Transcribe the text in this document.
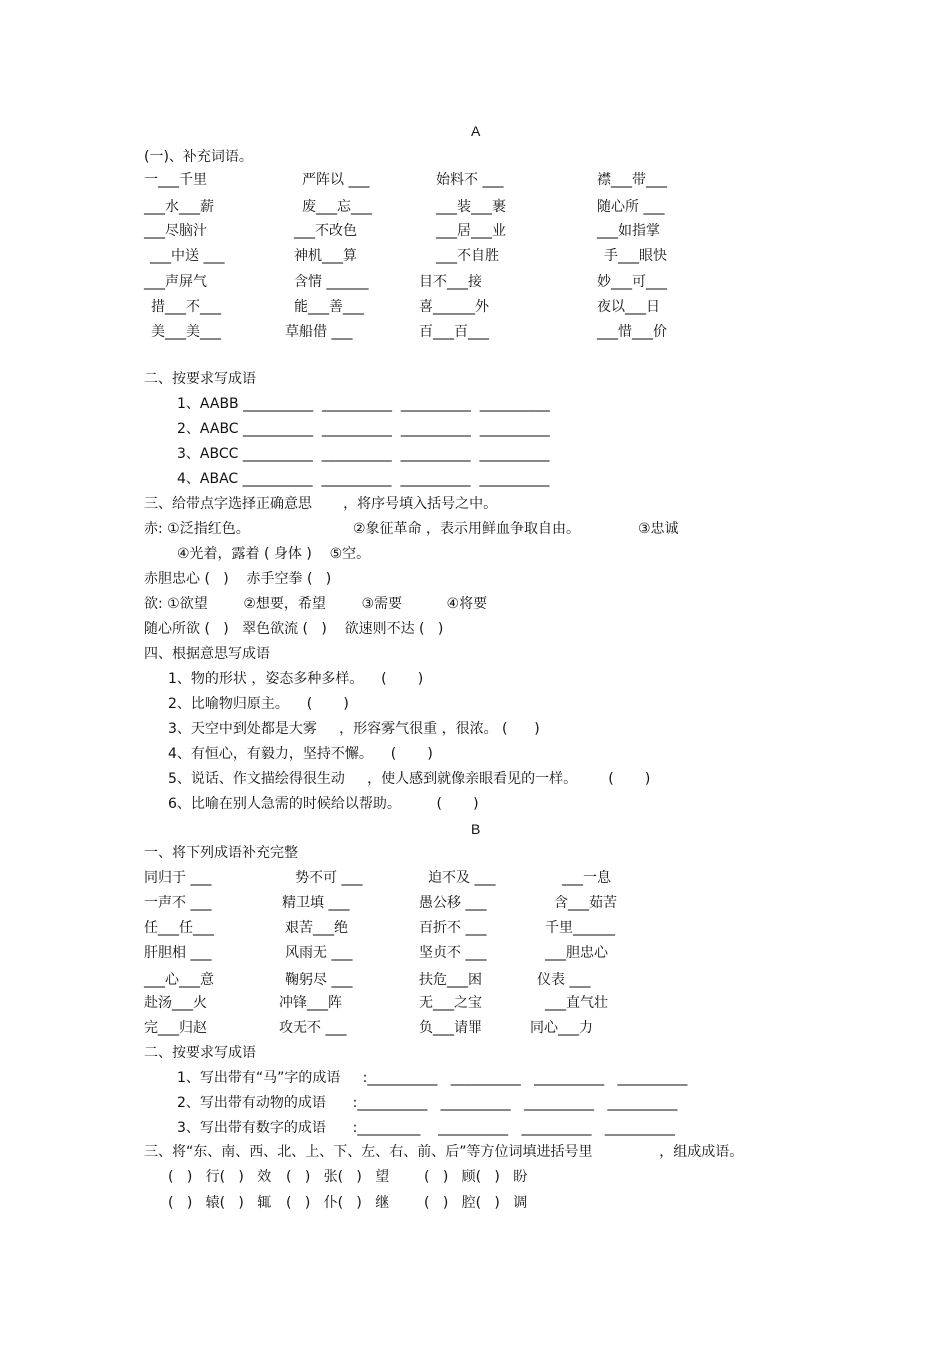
A
(一)、补充词语。
一___千里	严阵以 ___	始料不 ___	襟___带___
___水___薪	废___忘___	___装___裹	随心所 ___
___尽脑汁	___不改色	___居___业	___如指掌
___中送 ___	神机___算	___不自胜	手___眼快
___声屏气	含情 ______	目不___接	妙___可___
措___不___	能___善___	喜______外	夜以___日
美___美___	草船借 ___	百___百___	___惜___价
二、按要求写成语
1、AABB __________  __________  __________  __________
2、AABC __________  __________  __________  __________
3、ABCC __________  __________  __________  __________
4、ABAC __________  __________  __________  __________
三、给带点字选择正确意思       ，将序号填入括号之中。
赤: ①泛指红色。	②象征革命 ，表示用鲜血争取自由。	③忠诚
④光着，露着 ( 身体 )    ⑤空。
赤胆忠心 (   )    赤手空拳 (   )
欲: ①欲望        ②想要，希望        ③需要          ④将要
随心所欲 (   )   翠色欲流 (   )    欲速则不达 (   )
四、根据意思写成语
1、物的形状 ，姿态多种多样。    (       )
2、比喻物归原主。    (       )
3、天空中到处都是大雾     ，形容雾气很重 ，很浓。 (      )
4、有恒心，有毅力，坚持不懈。    (       )
5、说话、作文描绘得很生动     ，使人感到就像亲眼看见的一样。       (       )
6、比喻在别人急需的时候给以帮助。        (       )
B
一、将下列成语补充完整
同归于 ___	势不可 ___	迫不及 ___	___一息
一声不 ___	精卫填 ___	愚公移 ___	含___茹苦
任___任___	艰苦___绝	百折不 ___	千里______
肝胆相 ___	风雨无 ___	坚贞不 ___	___胆忠心
___心___意	鞠躬尽 ___	扶危___困	仪表 ___
赴汤___火	冲锋___阵	无___之宝	___直气壮
完___归赵	攻无不 ___	负___请罪	同心___力
二、按要求写成语
1、写出带有“马”字的成语     :__________   __________   __________   __________
2、写出带有动物的成语      :__________   __________   __________   __________
3、写出带有数字的成语      :_________    __________   __________   __________
三、将“东、南、西、北、上、下、左、右、前、后”等方位词填进括号里               ，组成成语。
(   )   行(   )   效 (   )   张(   )   望 (   )   顾(   )   盼
(   )   辕(   )   辄 (   )   仆(   )   继 (   )   腔(   )   调
